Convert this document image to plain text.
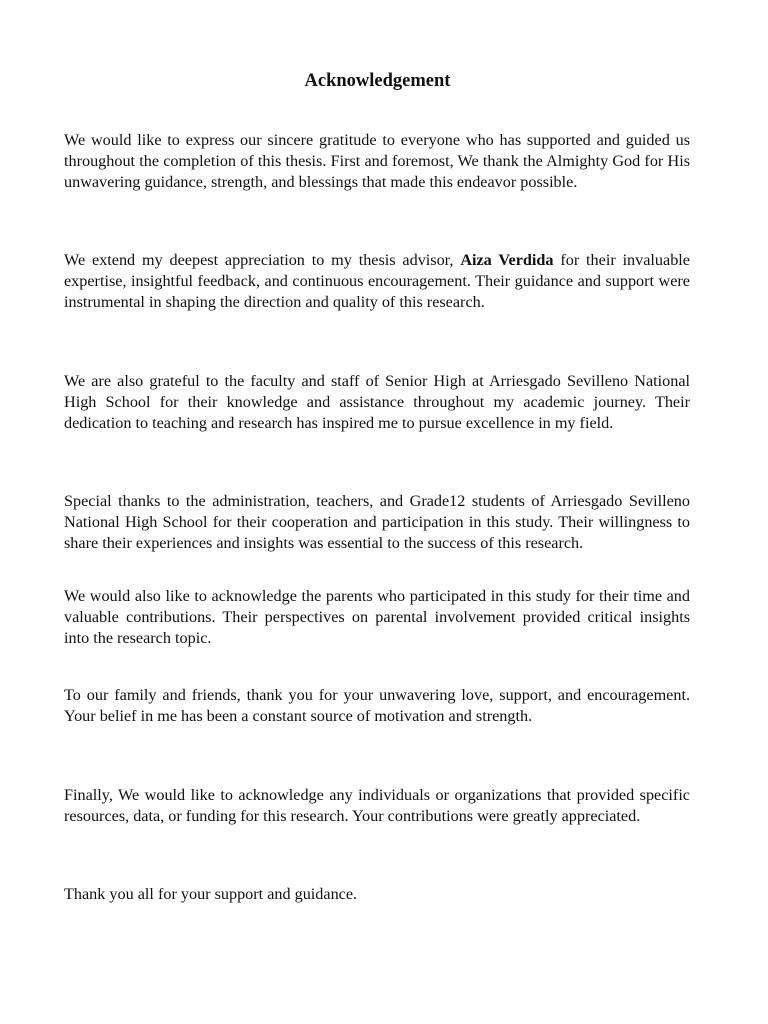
Acknowledgement

We would like to express our sincere gratitude to everyone who has supported and guided us throughout the completion of this thesis. First and foremost, We thank the Almighty God for His unwavering guidance, strength, and blessings that made this endeavor possible.

We extend my deepest appreciation to my thesis advisor, Aiza Verdida for their invaluable expertise, insightful feedback, and continuous encouragement. Their guidance and support were instrumental in shaping the direction and quality of this research.

We are also grateful to the faculty and staff of Senior High at Arriesgado Sevilleno National High School for their knowledge and assistance throughout my academic journey. Their dedication to teaching and research has inspired me to pursue excellence in my field.

Special thanks to the administration, teachers, and Grade12 students of Arriesgado Sevilleno National High School for their cooperation and participation in this study. Their willingness to share their experiences and insights was essential to the success of this research.

We would also like to acknowledge the parents who participated in this study for their time and valuable contributions. Their perspectives on parental involvement provided critical insights into the research topic.

To our family and friends, thank you for your unwavering love, support, and encouragement. Your belief in me has been a constant source of motivation and strength.

Finally, We would like to acknowledge any individuals or organizations that provided specific resources, data, or funding for this research. Your contributions were greatly appreciated.

Thank you all for your support and guidance.
